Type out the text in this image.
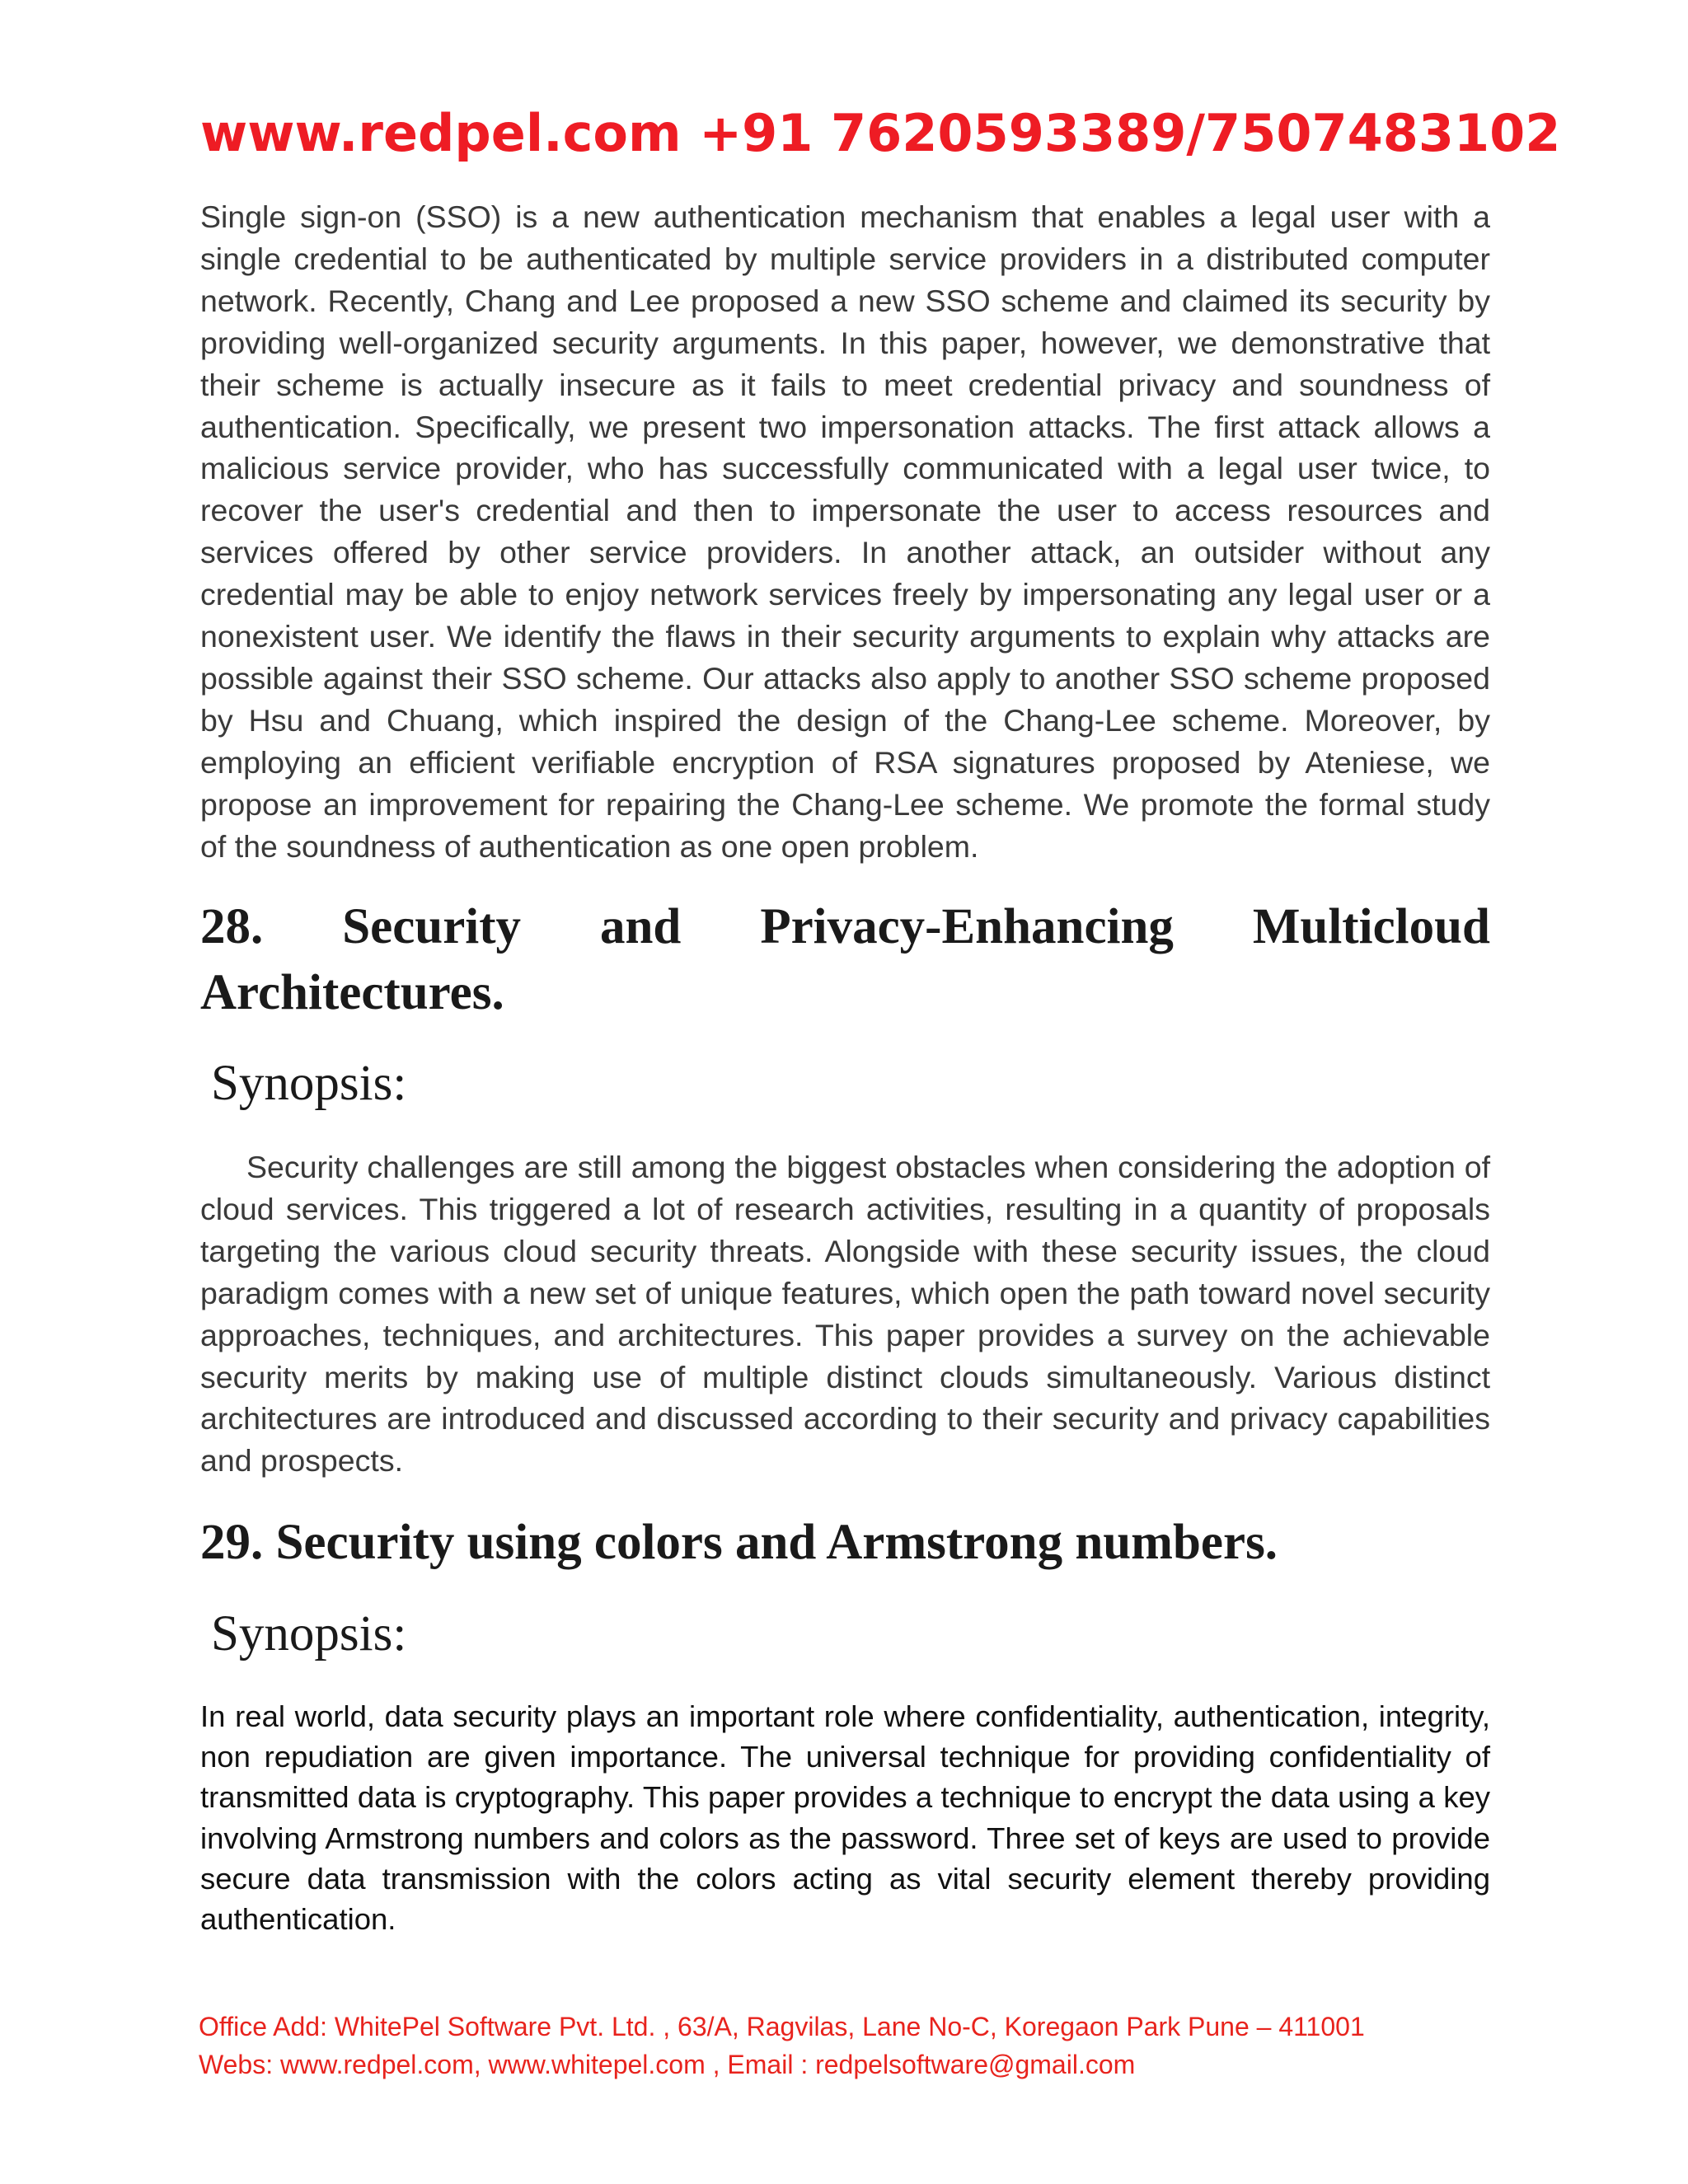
www.redpel.com +91 7620593389/7507483102

Single sign-on (SSO) is a new authentication mechanism that enables a legal user with a single credential to be authenticated by multiple service providers in a distributed computer network. Recently, Chang and Lee proposed a new SSO scheme and claimed its security by providing well-organized security arguments. In this paper, however, we demonstrative that their scheme is actually insecure as it fails to meet credential privacy and soundness of authentication. Specifically, we present two impersonation attacks. The first attack allows a malicious service provider, who has successfully communicated with a legal user twice, to recover the user's credential and then to impersonate the user to access resources and services offered by other service providers. In another attack, an outsider without any credential may be able to enjoy network services freely by impersonating any legal user or a nonexistent user. We identify the flaws in their security arguments to explain why attacks are possible against their SSO scheme. Our attacks also apply to another SSO scheme proposed by Hsu and Chuang, which inspired the design of the Chang-Lee scheme. Moreover, by employing an efficient verifiable encryption of RSA signatures proposed by Ateniese, we propose an improvement for repairing the Chang-Lee scheme. We promote the formal study of the soundness of authentication as one open problem.

28. Security and Privacy-Enhancing Multicloud
Architectures.
Synopsis:

Security challenges are still among the biggest obstacles when considering the adoption of cloud services. This triggered a lot of research activities, resulting in a quantity of proposals targeting the various cloud security threats. Alongside with these security issues, the cloud paradigm comes with a new set of unique features, which open the path toward novel security approaches, techniques, and architectures. This paper provides a survey on the achievable security merits by making use of multiple distinct clouds simultaneously. Various distinct architectures are introduced and discussed according to their security and privacy capabilities and prospects.

29. Security using colors and Armstrong numbers.
Synopsis:

In real world, data security plays an important role where confidentiality, authentication, integrity, non repudiation are given importance. The universal technique for providing confidentiality of transmitted data is cryptography. This paper provides a technique to encrypt the data using a key involving Armstrong numbers and colors as the password. Three set of keys are used to provide secure data transmission with the colors acting as vital security element thereby providing authentication.

Office Add: WhitePel Software Pvt. Ltd. , 63/A, Ragvilas, Lane No-C, Koregaon Park Pune – 411001
Webs: www.redpel.com, www.whitepel.com , Email : redpelsoftware@gmail.com
